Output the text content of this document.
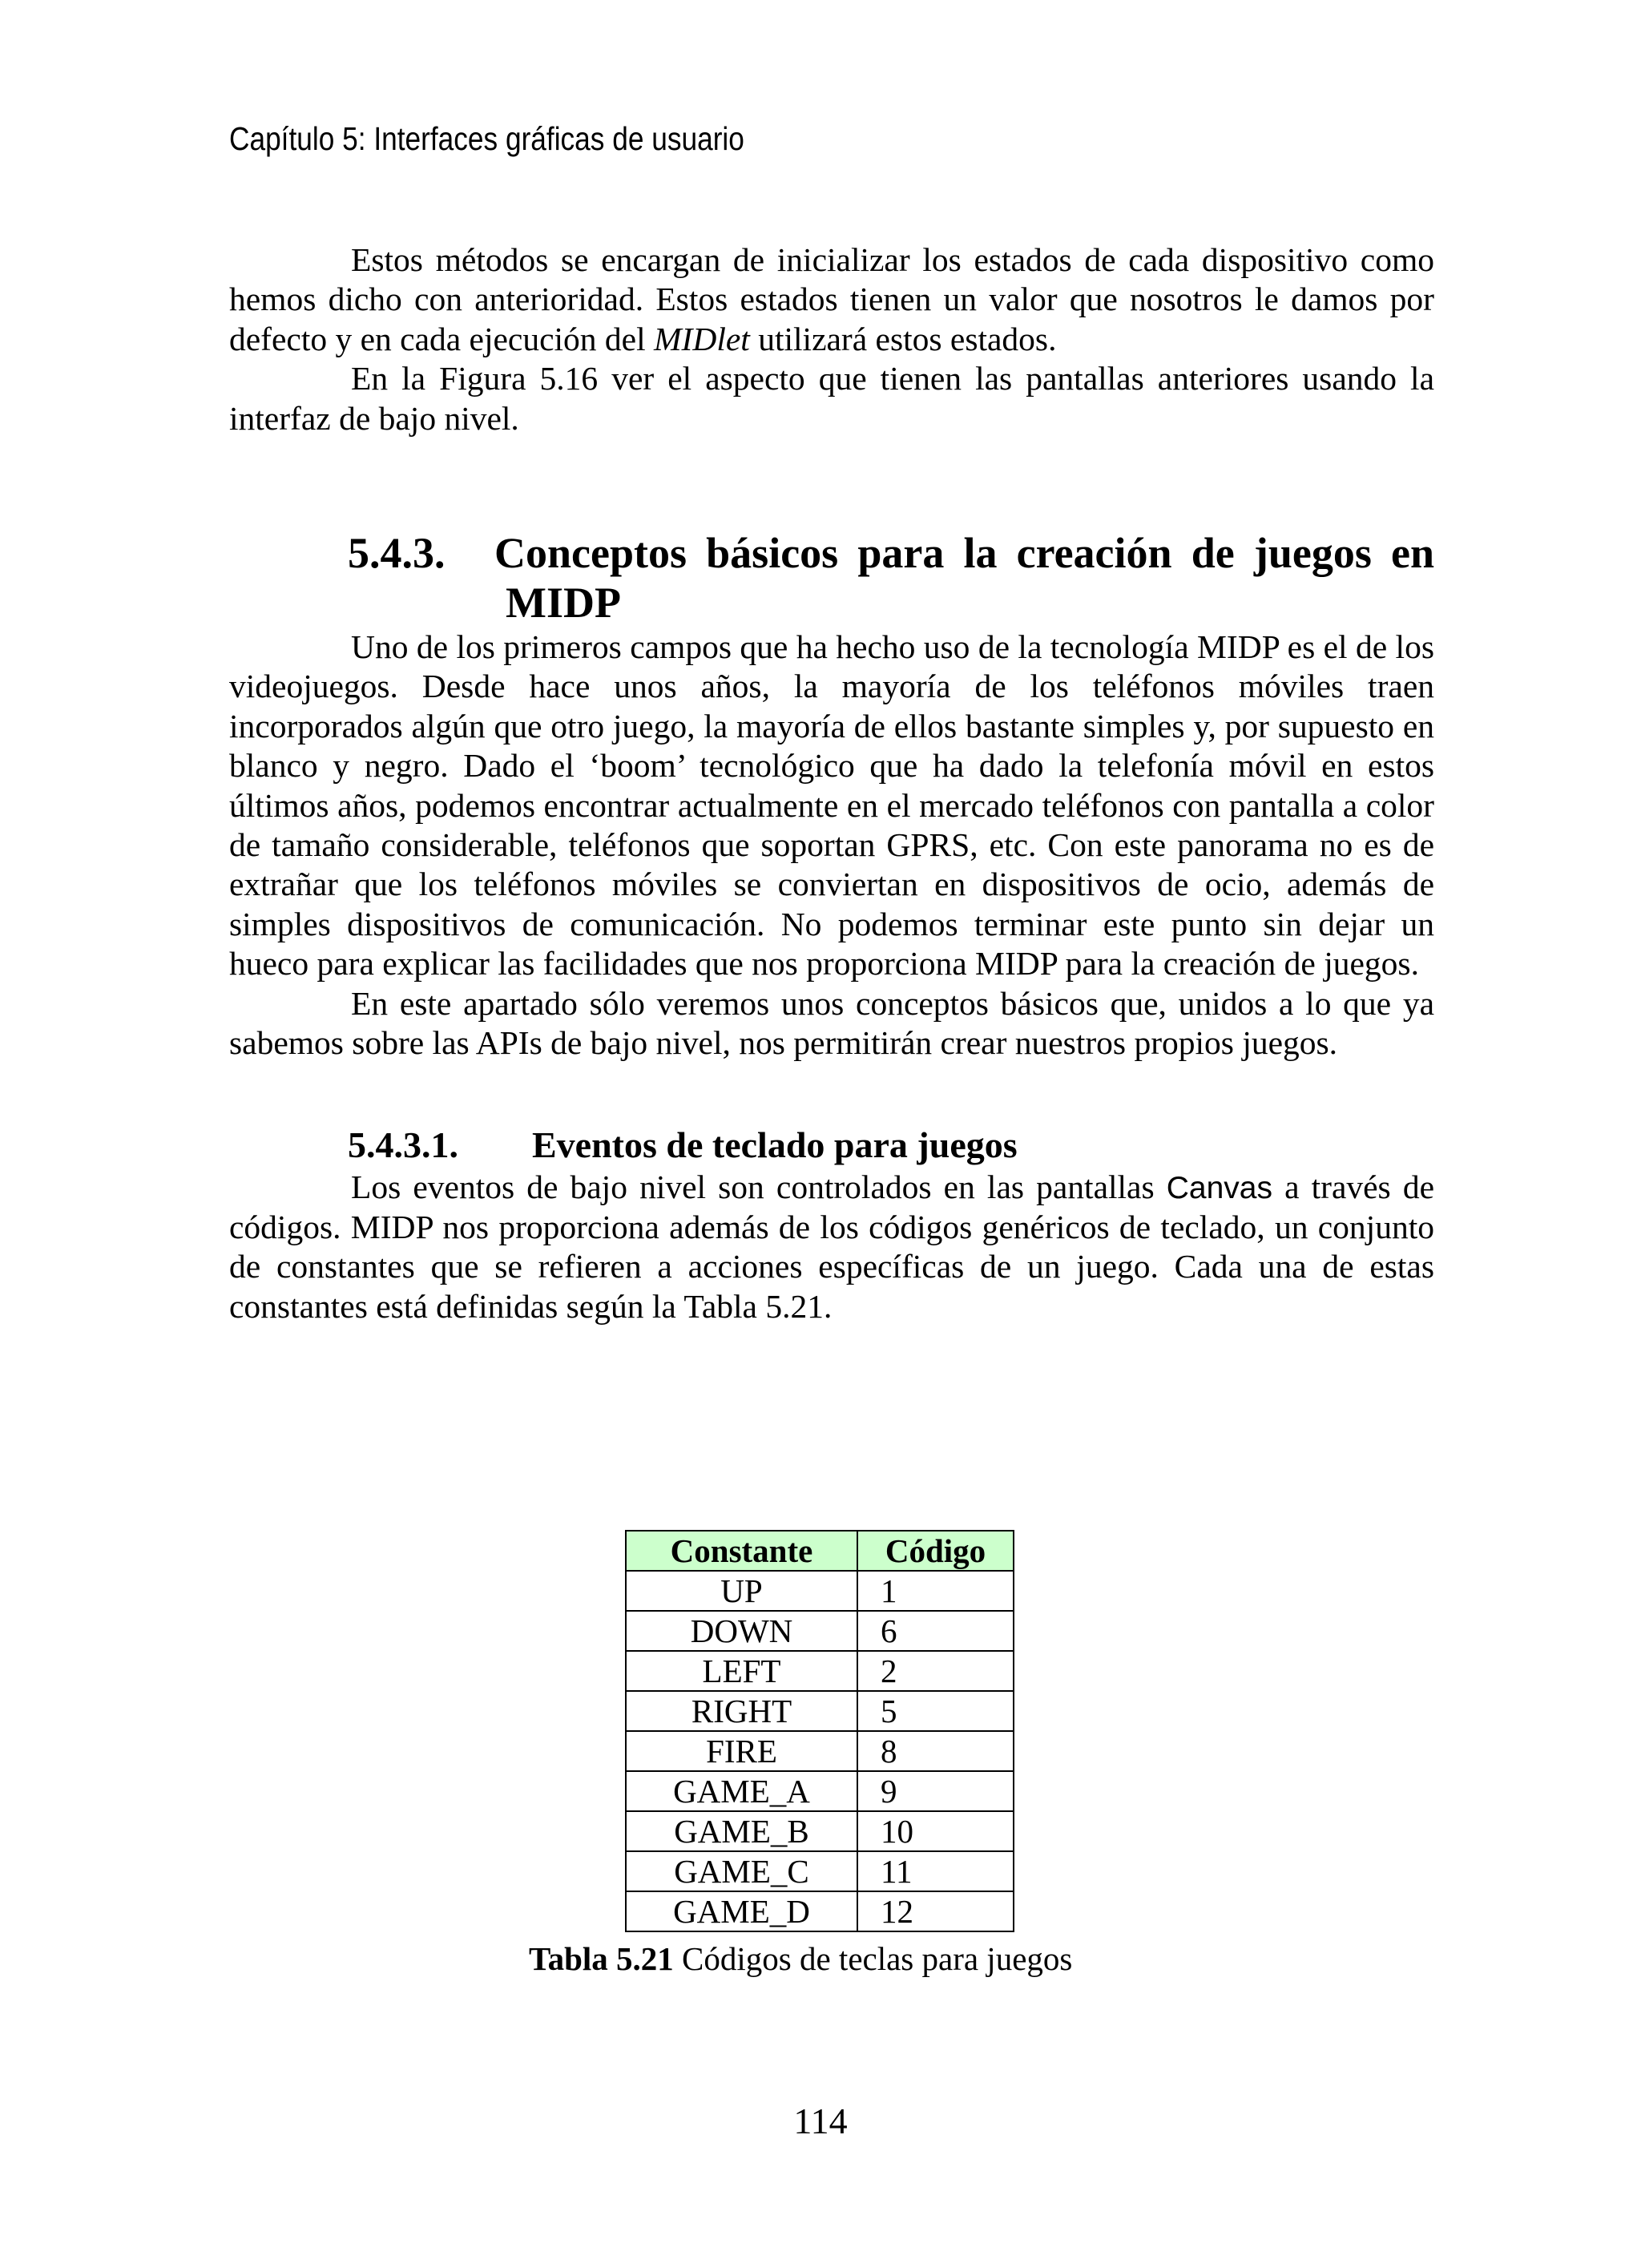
Capítulo 5: Interfaces gráficas de usuario

Estos métodos se encargan de inicializar los estados de cada dispositivo como hemos dicho con anterioridad. Estos estados tienen un valor que nosotros le damos por defecto y en cada ejecución del MIDlet utilizará estos estados.

En la Figura 5.16 ver el aspecto que tienen las pantallas anteriores usando la interfaz de bajo nivel.

5.4.3.	Conceptos básicos para la creación de juegos en
MIDP

Uno de los primeros campos que ha hecho uso de la tecnología MIDP es el de los videojuegos. Desde hace unos años, la mayoría de los teléfonos móviles traen incorporados algún que otro juego, la mayoría de ellos bastante simples y, por supuesto en blanco y negro. Dado el ‘boom’ tecnológico que ha dado la telefonía móvil en estos últimos años, podemos encontrar actualmente en el mercado teléfonos con pantalla a color de tamaño considerable, teléfonos que soportan GPRS, etc. Con este panorama no es de extrañar que los teléfonos móviles se conviertan en dispositivos de ocio, además de simples dispositivos de comunicación. No podemos terminar este punto sin dejar un hueco para explicar las facilidades que nos proporciona MIDP para la creación de juegos.

En este apartado sólo veremos unos conceptos básicos que, unidos a lo que ya sabemos sobre las APIs de bajo nivel, nos permitirán crear nuestros propios juegos.

5.4.3.1.	Eventos de teclado para juegos

Los eventos de bajo nivel son controlados en las pantallas Canvas a través de códigos. MIDP nos proporciona además de los códigos genéricos de teclado, un conjunto de constantes que se refieren a acciones específicas de un juego. Cada una de estas constantes está definidas según la Tabla 5.21.

Constante	Código
UP	1
DOWN	6
LEFT	2
RIGHT	5
FIRE	8
GAME_A	9
GAME_B	10
GAME_C	11
GAME_D	12
Tabla 5.21 Códigos de teclas para juegos
114
